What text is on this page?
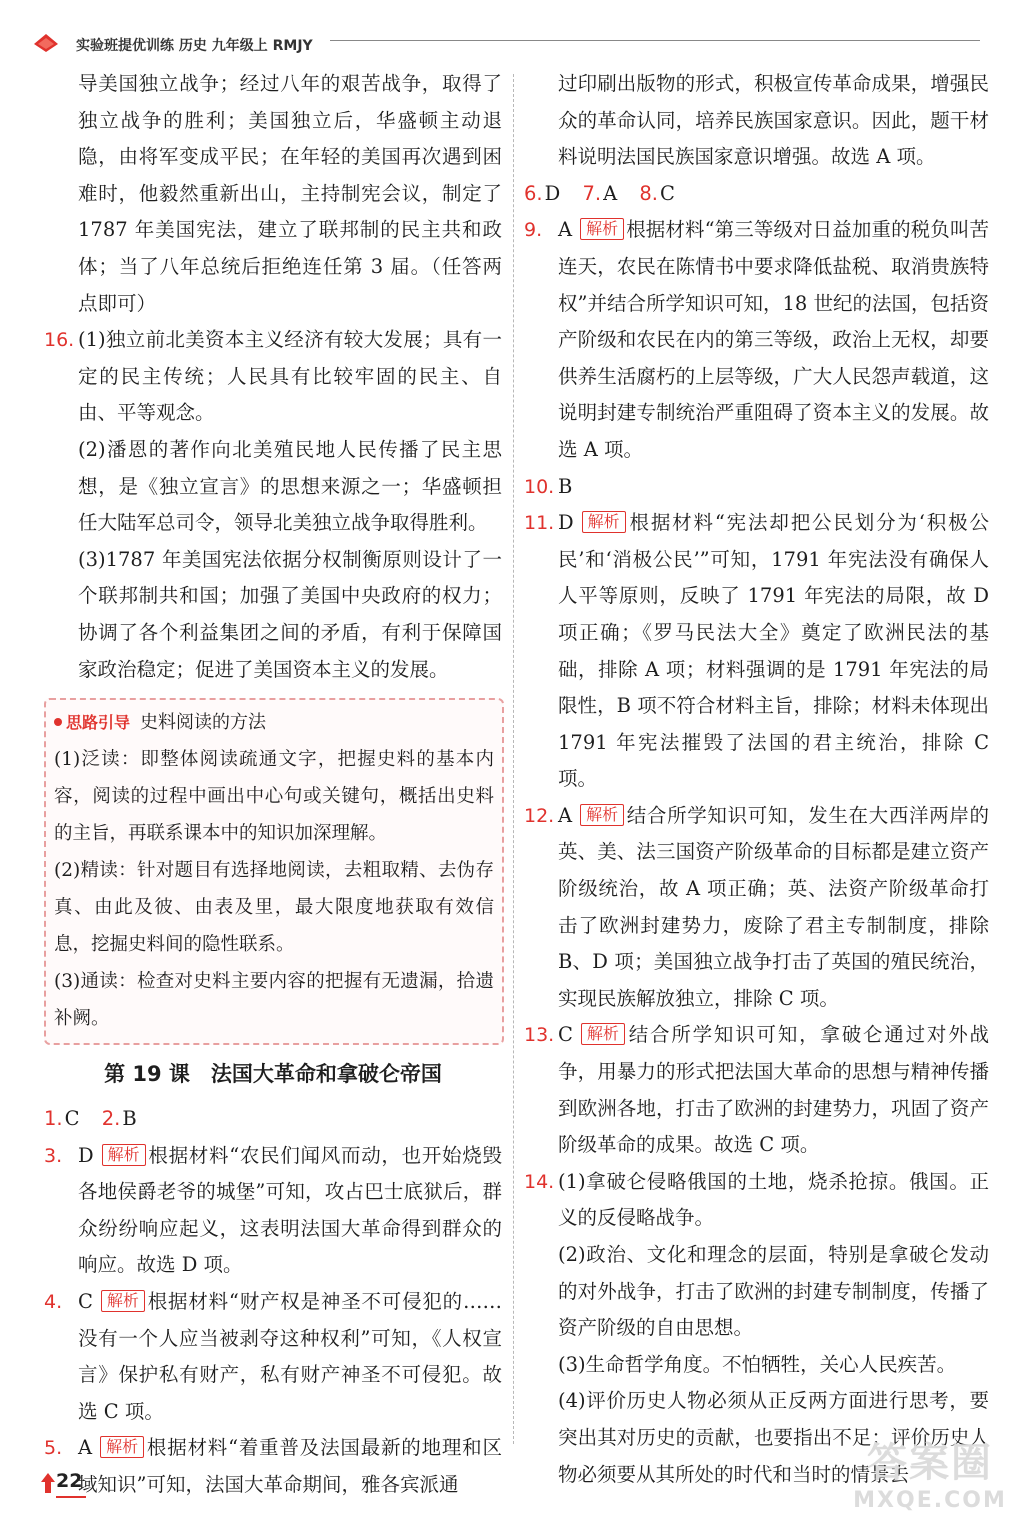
实验班提优训练 历史 九年级上 RMJY
导美国独立战争；经过八年的艰苦战争，取得了独立战争的胜利；美国独立后，华盛顿主动退隐，由将军变成平民；在年轻的美国再次遇到困难时，他毅然重新出山，主持制宪会议，制定了 1787 年美国宪法，建立了联邦制的民主共和政体；当了八年总统后拒绝连任第 3 届。（任答两点即可）
16. (1)独立前北美资本主义经济有较大发展；具有一定的民主传统；人民具有比较牢固的民主、自由、平等观念。
(2)潘恩的著作向北美殖民地人民传播了民主思想，是《独立宣言》的思想来源之一；华盛顿担任大陆军总司令，领导北美独立战争取得胜利。
(3)1787 年美国宪法依据分权制衡原则设计了一个联邦制共和国；加强了美国中央政府的权力；协调了各个利益集团之间的矛盾，有利于保障国家政治稳定；促进了美国资本主义的发展。
思路引导 史料阅读的方法

(1)泛读：即整体阅读疏通文字，把握史料的基本内容，阅读的过程中画出中心句或关键句，概括出史料的主旨，再联系课本中的知识加深理解。

(2)精读：针对题目有选择地阅读，去粗取精、去伪存真、由此及彼、由表及里，最大限度地获取有效信息，挖掘史料间的隐性联系。

(3)通读：检查对史料主要内容的把握有无遗漏，拾遗补阙。

第 19 课　法国大革命和拿破仑帝国
1. C 2. B
3. D 解析 根据材料“农民们闻风而动，也开始烧毁各地侯爵老爷的城堡”可知，攻占巴士底狱后，群众纷纷响应起义，这表明法国大革命得到群众的响应。故选 D 项。
4. C 解析 根据材料“财产权是神圣不可侵犯的……没有一个人应当被剥夺这种权利”可知，《人权宣言》保护私有财产，私有财产神圣不可侵犯。故选 C 项。
5. A 解析 根据材料“着重普及法国最新的地理和区域知识”可知，法国大革命期间，雅各宾派通
过印刷出版物的形式，积极宣传革命成果，增强民众的革命认同，培养民族国家意识。因此，题干材料说明法国民族国家意识增强。故选 A 项。
6. D 7. A 8. C
9. A 解析 根据材料“第三等级对日益加重的税负叫苦连天，农民在陈情书中要求降低盐税、取消贵族特权”并结合所学知识可知，18 世纪的法国，包括资产阶级和农民在内的第三等级，政治上无权，却要供养生活腐朽的上层等级，广大人民怨声载道，这说明封建专制统治严重阻碍了资本主义的发展。故选 A 项。
10. B
11. D 解析 根据材料“宪法却把公民划分为‘积极公民’和‘消极公民’”可知，1791 年宪法没有确保人人平等原则，反映了 1791 年宪法的局限，故 D 项正确；《罗马民法大全》奠定了欧洲民法的基础，排除 A 项；材料强调的是 1791 年宪法的局限性，B 项不符合材料主旨，排除；材料未体现出 1791 年宪法摧毁了法国的君主统治，排除 C 项。
12. A 解析 结合所学知识可知，发生在大西洋两岸的英、美、法三国资产阶级革命的目标都是建立资产阶级统治，故 A 项正确；英、法资产阶级革命打击了欧洲封建势力，废除了君主专制制度，排除 B、D 项；美国独立战争打击了英国的殖民统治，实现民族解放独立，排除 C 项。
13. C 解析 结合所学知识可知，拿破仑通过对外战争，用暴力的形式把法国大革命的思想与精神传播到欧洲各地，打击了欧洲的封建势力，巩固了资产阶级革命的成果。故选 C 项。
14. (1)拿破仑侵略俄国的土地，烧杀抢掠。俄国。正义的反侵略战争。
(2)政治、文化和理念的层面，特别是拿破仑发动的对外战争，打击了欧洲的封建专制制度，传播了资产阶级的自由思想。
(3)生命哲学角度。不怕牺牲，关心人民疾苦。
(4)评价历史人物必须从正反两方面进行思考，要突出其对历史的贡献，也要指出不足；评价历史人物必须要从其所处的时代和当时的情景去
22	答案圈
MXQE.COM
